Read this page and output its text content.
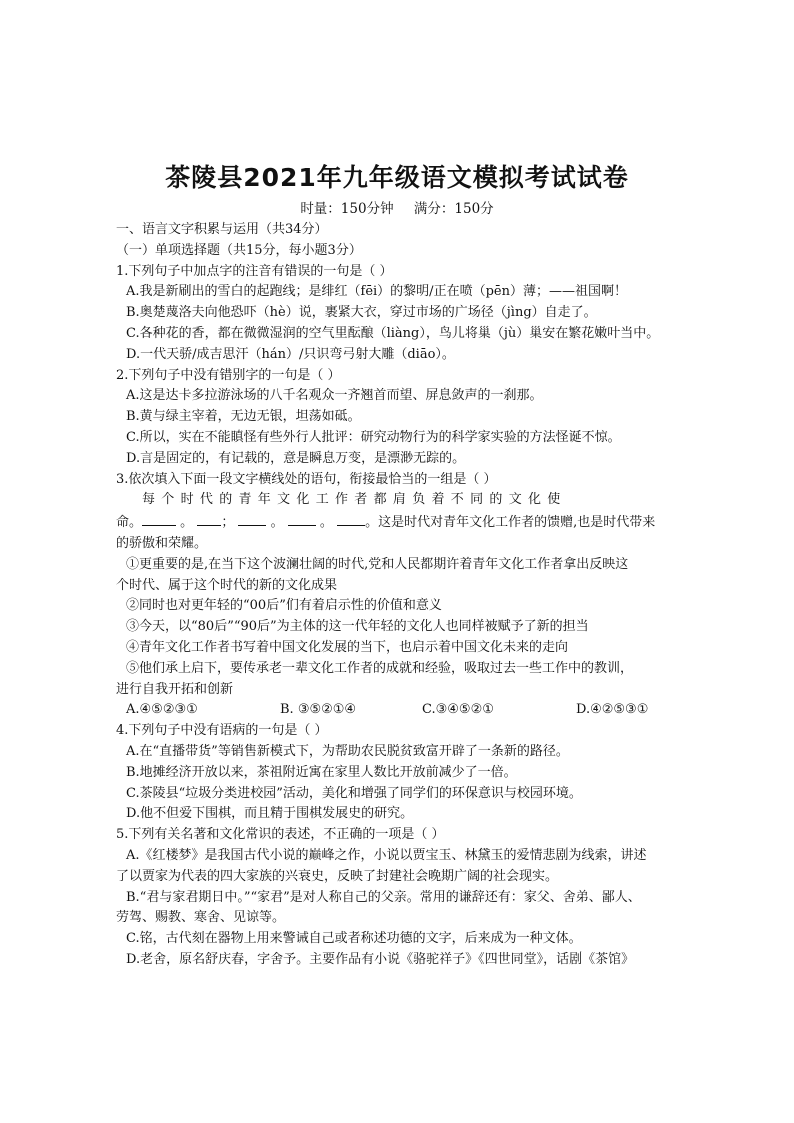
茶陵县2021年九年级语文模拟考试试卷
时量：150分钟 满分：150分

一、语言文字积累与运用（共34分）

（一）单项选择题（共15分，每小题3分）

1.下列句子中加点字的注音有错误的一句是（ ）

A.我是新刷出的雪白的起跑线；是绯红（fēi）的黎明/正在喷（pēn）薄；——祖国啊！

B.奥楚蔑洛夫向他恐吓（hè）说，裹紧大衣，穿过市场的广场径（jìng）自走了。

C.各种花的香，都在微微湿润的空气里酝酿（liàng），鸟儿将巢（jù）巢安在繁花嫩叶当中。

D.一代天骄/成吉思汗（hán）/只识弯弓射大雕（diāo）。

2.下列句子中没有错别字的一句是（ ）

A.这是达卡多拉游泳场的八千名观众一齐翘首而望、屏息敛声的一刹那。

B.黄与绿主宰着，无边无银，坦荡如砥。

C.所以，实在不能瞋怪有些外行人批评：研究动物行为的科学家实验的方法怪诞不惊。

D.言是固定的，有记载的，意是瞬息万变，是漂渺无踪的。

3.依次填入下面一段文字横线处的语句，衔接最恰当的一组是（ ）

每个时代的青年文化工作者都肩负着不同的文化使

命。	。 ；	。	。 。这是时代对青年文化工作者的馈赠,也是时代带来

的骄傲和荣耀。

①更重要的是,在当下这个波澜壮阔的时代,党和人民都期许着青年文化工作者拿出反映这

个时代、属于这个时代的新的文化成果

②同时也对更年轻的“00后”们有着启示性的价值和意义

③今天，以“80后”“90后”为主体的这一代年轻的文化人也同样被赋予了新的担当

④青年文化工作者书写着中国文化发展的当下，也启示着中国文化未来的走向

⑤他们承上启下，要传承老一辈文化工作者的成就和经验，吸取过去一些工作中的教训，

进行自我开拓和创新

A.④⑤②③①	B. ③⑤②①④	C.③④⑤②①	D.④②⑤③①

4.下列句子中没有语病的一句是（ ）

A.在“直播带货”等销售新模式下，为帮助农民脱贫致富开辟了一条新的路径。

B.地摊经济开放以来，茶祖附近寓在家里人数比开放前减少了一倍。

C.茶陵县“垃圾分类进校园”活动，美化和增强了同学们的环保意识与校园环境。

D.他不但爱下围棋，而且精于围棋发展史的研究。

5.下列有关名著和文化常识的表述，不正确的一项是（ ）

A.《红楼梦》是我国古代小说的巅峰之作，小说以贾宝玉、林黛玉的爱情悲剧为线索，讲述

了以贾家为代表的四大家族的兴衰史，反映了封建社会晚期广阔的社会现实。

B.“君与家君期日中。”“家君”是对人称自己的父亲。常用的谦辞还有：家父、舍弟、鄙人、

劳驾、赐教、寒舍、见谅等。

C.铭，古代刻在器物上用来警诫自己或者称述功德的文字，后来成为一种文体。

D.老舍，原名舒庆春，字舍予。主要作品有小说《骆驼祥子》《四世同堂》，话剧《茶馆》
